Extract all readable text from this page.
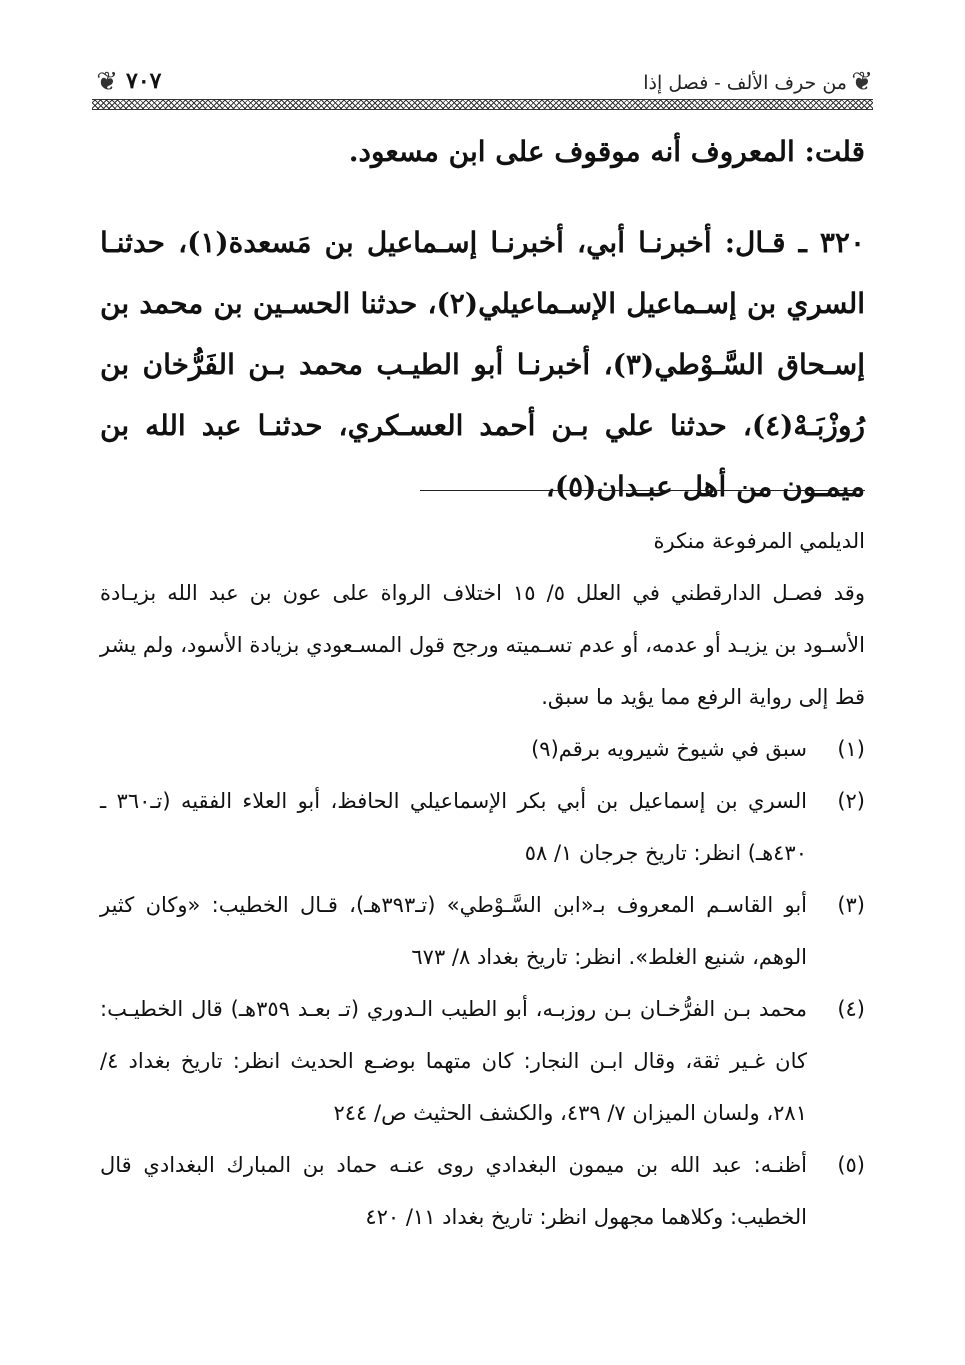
❦
من حرف الألف - فصل إذا
٧٠٧
❦

قلت: المعروف أنه موقوف على ابن مسعود.

٣٢٠ ـ قـال: أخبرنـا أبي، أخبرنـا إسـماعيل بن مَسعدة(١)، حدثنـا السري بن إسـماعيل الإسـماعيلي(٢)، حدثنا الحسـين بن محمد بن إسـحاق السَّـوْطي(٣)، أخبرنـا أبو الطيـب محمد بـن الفَرُّخان بن رُوزْبَـهْ(٤)، حدثنا علي بـن أحمد العسـكري، حدثنـا عبد الله بن ميمـون من أهل عبـدان(٥)،

الديلمي المرفوعة منكرة

وقد فصـل الدارقطني في العلل ٥/ ١٥ اختلاف الرواة على عون بن عبد الله بزيـادة الأسـود بن يزيـد أو عدمه، أو عدم تسـميته ورجح قول المسـعودي بزيادة الأسود، ولم يشر قط إلى رواية الرفع مما يؤيد ما سبق.

(١)
سبق في شيوخ شيرويه برقم(٩)
(٢)
السري بن إسماعيل بن أبي بكر الإسماعيلي الحافظ، أبو العلاء الفقيه (تـ٣٦٠ ـ ٤٣٠هـ) انظر: تاريخ جرجان ١/ ٥٨
(٣)
أبو القاسـم المعروف بـ«ابن السَّـوْطي» (تـ٣٩٣هـ)، قـال الخطيب: «وكان كثير الوهم، شنيع الغلط». انظر: تاريخ بغداد ٨/ ٦٧٣
(٤)
محمد بـن الفرُّخـان بـن روزبـه، أبو الطيب الـدوري (تـ بعـد ٣٥٩هـ) قال الخطيـب: كان غـير ثقة، وقال ابـن النجار: كان متهما بوضـع الحديث انظر: تاريخ بغداد ٤/ ٢٨١، ولسان الميزان ٧/ ٤٣٩، والكشف الحثيث ص/ ٢٤٤
(٥)
أظنـه: عبد الله بن ميمون البغدادي روى عنـه حماد بن المبارك البغدادي قال الخطيب: وكلاهما مجهول انظر: تاريخ بغداد ١١/ ٤٢٠
